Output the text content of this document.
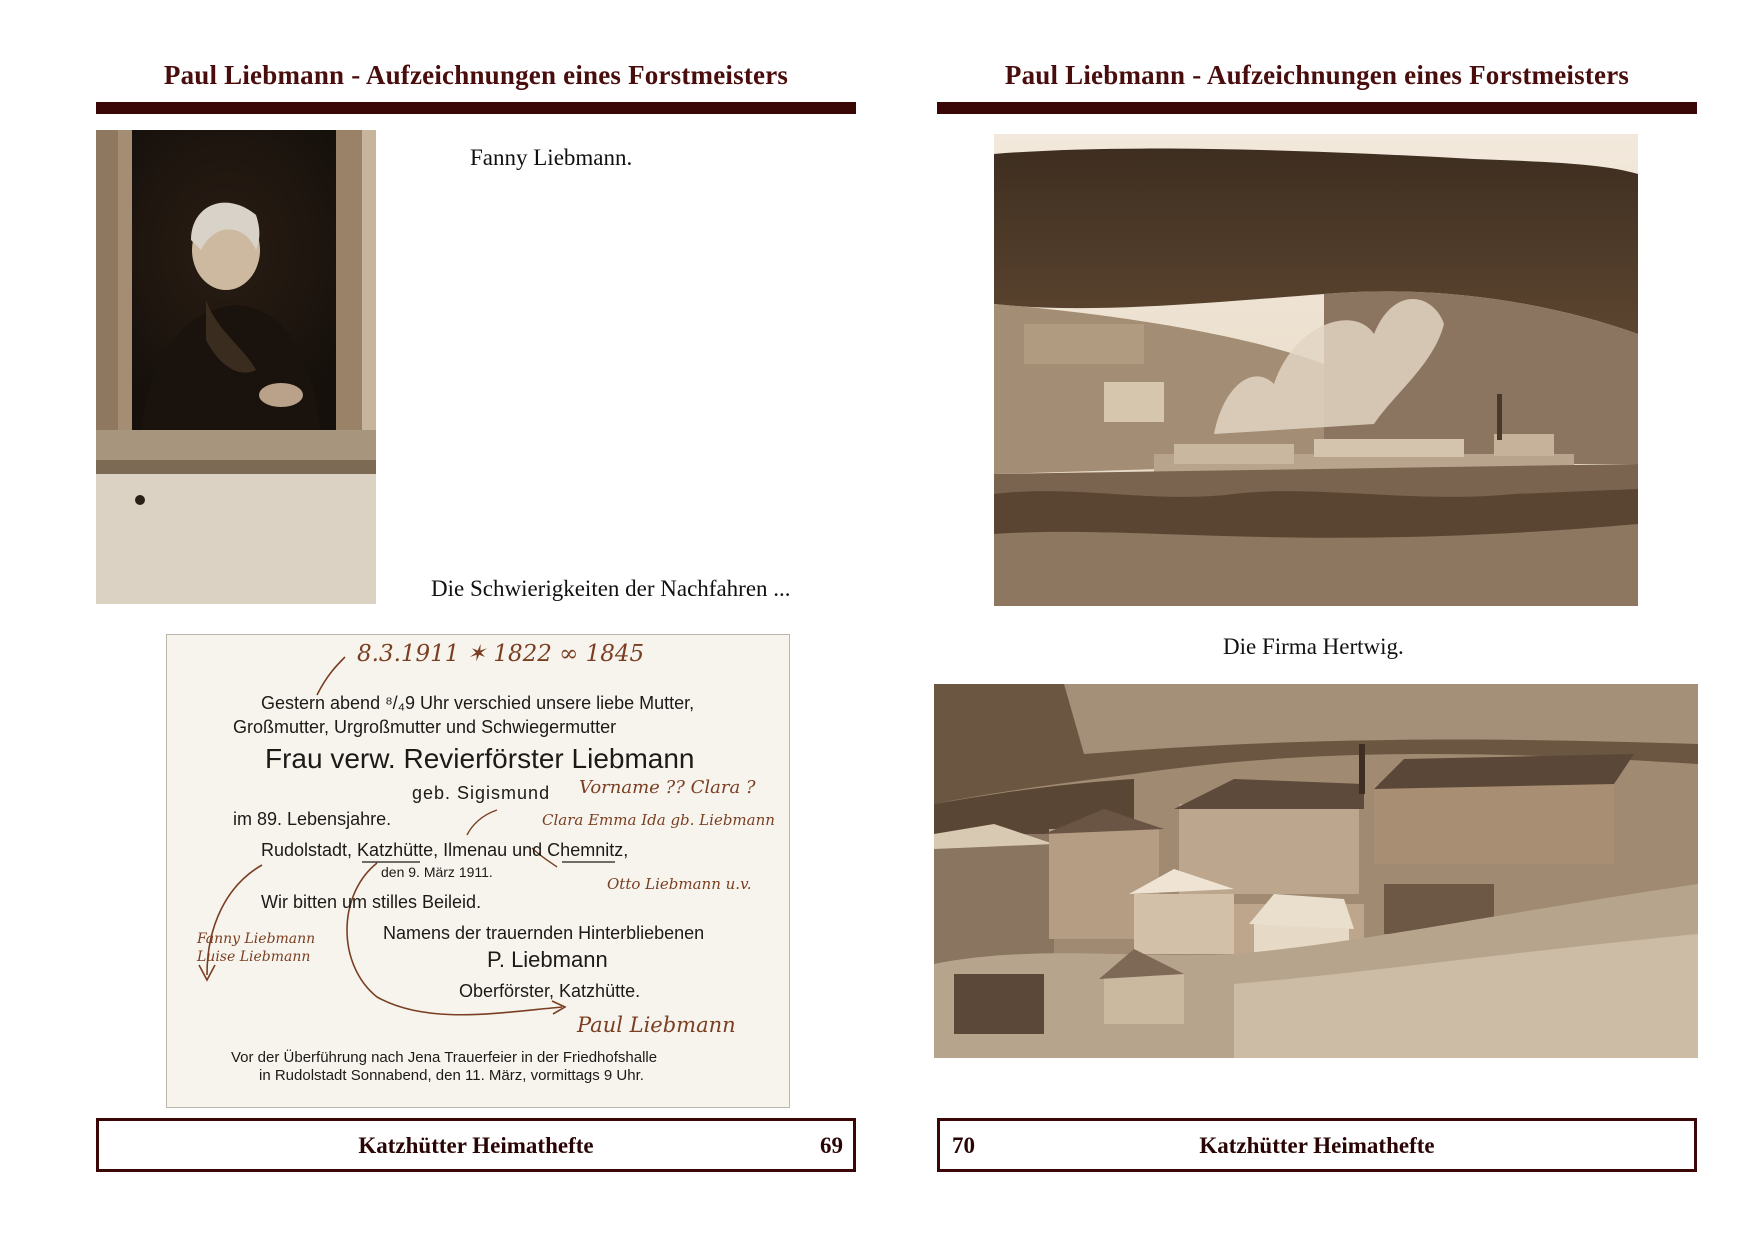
Paul Liebmann - Aufzeichnungen eines Forstmeisters
Fanny Liebmann.
Die Schwierigkeiten der Nachfahren ...
8.3.1911 ✶ 1822 ∞ 1845
Gestern abend ⁸/₄9 Uhr verschied unsere liebe Mutter,
Großmutter, Urgroßmutter und Schwiegermutter
Frau verw. Revierförster Liebmann
geb. Sigismund Vorname ?? Clara ?
im 89. Lebensjahre.	Clara Emma Ida gb. Liebmann
Rudolstadt, Katzhütte, Ilmenau und Chemnitz,
den 9. März 1911.
Otto Liebmann u.v.
Wir bitten um stilles Beileid.
Namens der trauernden Hinterbliebenen
P. Liebmann
Oberförster, Katzhütte.
Fanny Liebmann Luise Liebmann
Paul Liebmann
Vor der Überführung nach Jena Trauerfeier in der Friedhofshalle
in Rudolstadt Sonnabend, den 11. März, vormittags 9 Uhr.
Katzhütter Heimathefte	69
Paul Liebmann - Aufzeichnungen eines Forstmeisters
Die Firma Hertwig.
70	Katzhütter Heimathefte
